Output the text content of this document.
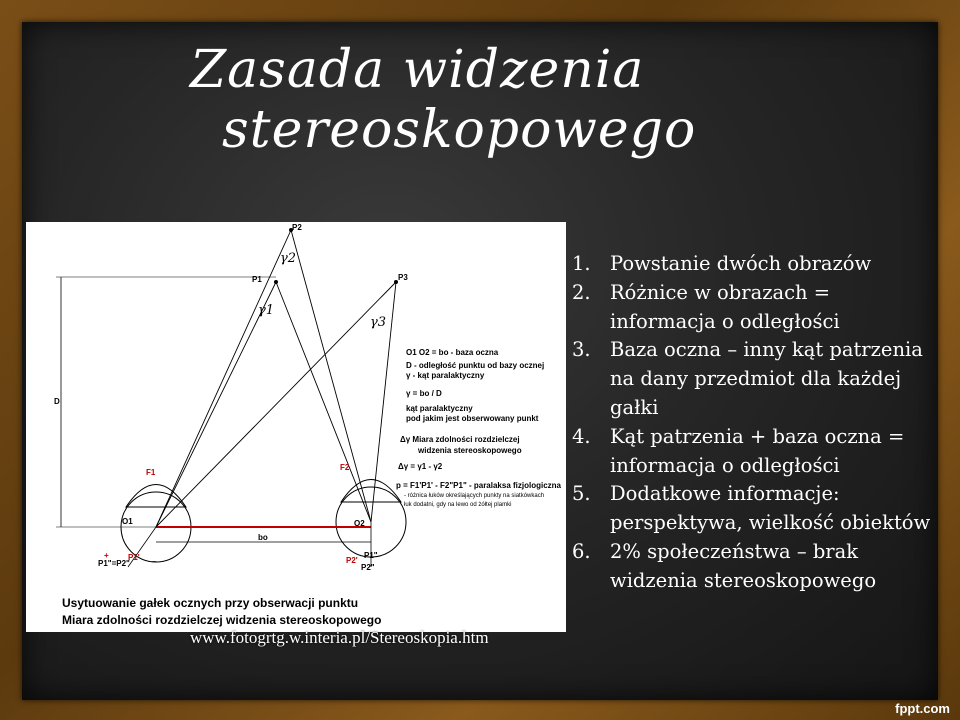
Zasada widzenia
stereoskopowego
P2
P1	P3
F1
F2
O1	O2
D
bo
P1'	P2'
P1"
P1"=P2"	P2"
+
–
γ2
γ1
γ3
O1 O2 = bo - baza oczna
D - odległość punktu od bazy ocznej
γ - kąt paralaktyczny
γ = bo / D
kąt paralaktyczny
pod jakim jest obserwowany punkt
Δγ Miara zdolności rozdzielczej
widzenia stereoskopowego
Δγ = γ1 - γ2
p = F1'P1' - F2"P1" - paralaksa fizjologiczna
- różnica łuków określających punkty na siatkówkach
łuk dodatni, gdy na lewo od żółtej plamki
Usytuowanie gałek ocznych przy obserwacji punktu
Miara zdolności rozdzielczej widzenia stereoskopowego

www.fotogrtg.w.interia.pl/Stereoskopia.htm

1. Powstanie dwóch obrazów
2. Różnice w obrazach = informacja o odległości
3. Baza oczna – inny kąt patrzenia na dany przedmiot dla każdej gałki
4. Kąt patrzenia + baza oczna = informacja o odległości
5. Dodatkowe informacje: perspektywa, wielkość obiektów
6. 2% społeczeństwa – brak widzenia stereoskopowego

fppt.com
